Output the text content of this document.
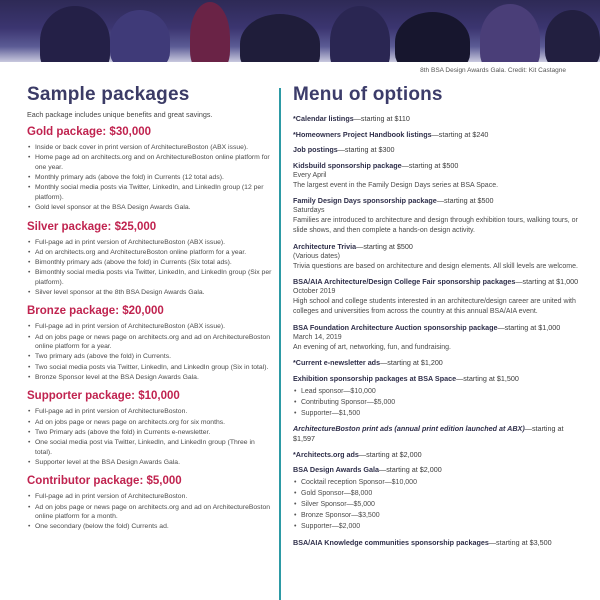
8th BSA Design Awards Gala. Credit: Kit Castagne
Sample packages
Each package includes unique benefits and great savings.
Gold package: $30,000
• Inside or back cover in print version of ArchitectureBoston (ABX issue).
• Home page ad on architects.org and on ArchitectureBoston online platform for one year.
• Monthly primary ads (above the fold) in Currents (12 total ads).
• Monthly social media posts via Twitter, LinkedIn, and LinkedIn group (12 per platform).
• Gold level sponsor at the BSA Design Awards Gala.
Silver package: $25,000
• Full-page ad in print version of ArchitectureBoston (ABX issue).
• Ad on architects.org and ArchitectureBoston online platform for a year.
• Bimonthly primary ads (above the fold) in Currents (Six total ads).
• Bimonthly social media posts via Twitter, LinkedIn, and LinkedIn group (Six per platform).
• Silver level sponsor at the 8th BSA Design Awards Gala.
Bronze package: $20,000
• Full-page ad in print version of ArchitectureBoston (ABX issue).
• Ad on jobs page or news page on architects.org and ad on ArchitectureBoston online platform for a year.
• Two primary ads (above the fold) in Currents.
• Two social media posts via Twitter, LinkedIn, and LinkedIn group (Six in total).
• Bronze Sponsor level at the BSA Design Awards Gala.
Supporter package: $10,000
• Full-page ad in print version of ArchitectureBoston.
• Ad on jobs page or news page on architects.org for six months.
• Two Primary ads (above the fold) in Currents e-newsletter.
• One social media post via Twitter, LinkedIn, and LinkedIn group (Three in total).
• Supporter level at the BSA Design Awards Gala.
Contributor package: $5,000
• Full-page ad in print version of ArchitectureBoston.
• Ad on jobs page or news page on architects.org and ad on ArchitectureBoston online platform for a month.
• One secondary (below the fold) Currents ad.
Menu of options
*Calendar listings—starting at $110
*Homeowners Project Handbook listings—starting at $240
Job postings—starting at $300
Kidsbuild sponsorship package—starting at $500
Every April
The largest event in the Family Design Days series at BSA Space.
Family Design Days sponsorship package—starting at $500
Saturdays
Families are introduced to architecture and design through exhibition tours, walking tours, or slide shows, and then complete a hands-on design activity.
Architecture Trivia—starting at $500
(Various dates)
Trivia questions are based on architecture and design elements. All skill levels are welcome.
BSA/AIA Architecture/Design College Fair sponsorship packages—starting at $1,000
October 2019
High school and college students interested in an architecture/design career are united with colleges and universities from across the country at this annual BSA/AIA event.
BSA Foundation Architecture Auction sponsorship package—starting at $1,000
March 14, 2019
An evening of art, networking, fun, and fundraising.
*Current e-newsletter ads—starting at $1,200
Exhibition sponsorship packages at BSA Space—starting at $1,500
• Lead sponsor—$10,000
• Contributing Sponsor—$5,000
• Supporter—$1,500
ArchitectureBoston print ads (annual print edition launched at ABX)—starting at $1,597
*Architects.org ads—starting at $2,000
BSA Design Awards Gala—starting at $2,000
• Cocktail reception Sponsor—$10,000
• Gold Sponsor—$8,000
• Silver Sponsor—$5,000
• Bronze Sponsor—$3,500
• Supporter—$2,000
BSA/AIA Knowledge communities sponsorship packages—starting at $3,500
